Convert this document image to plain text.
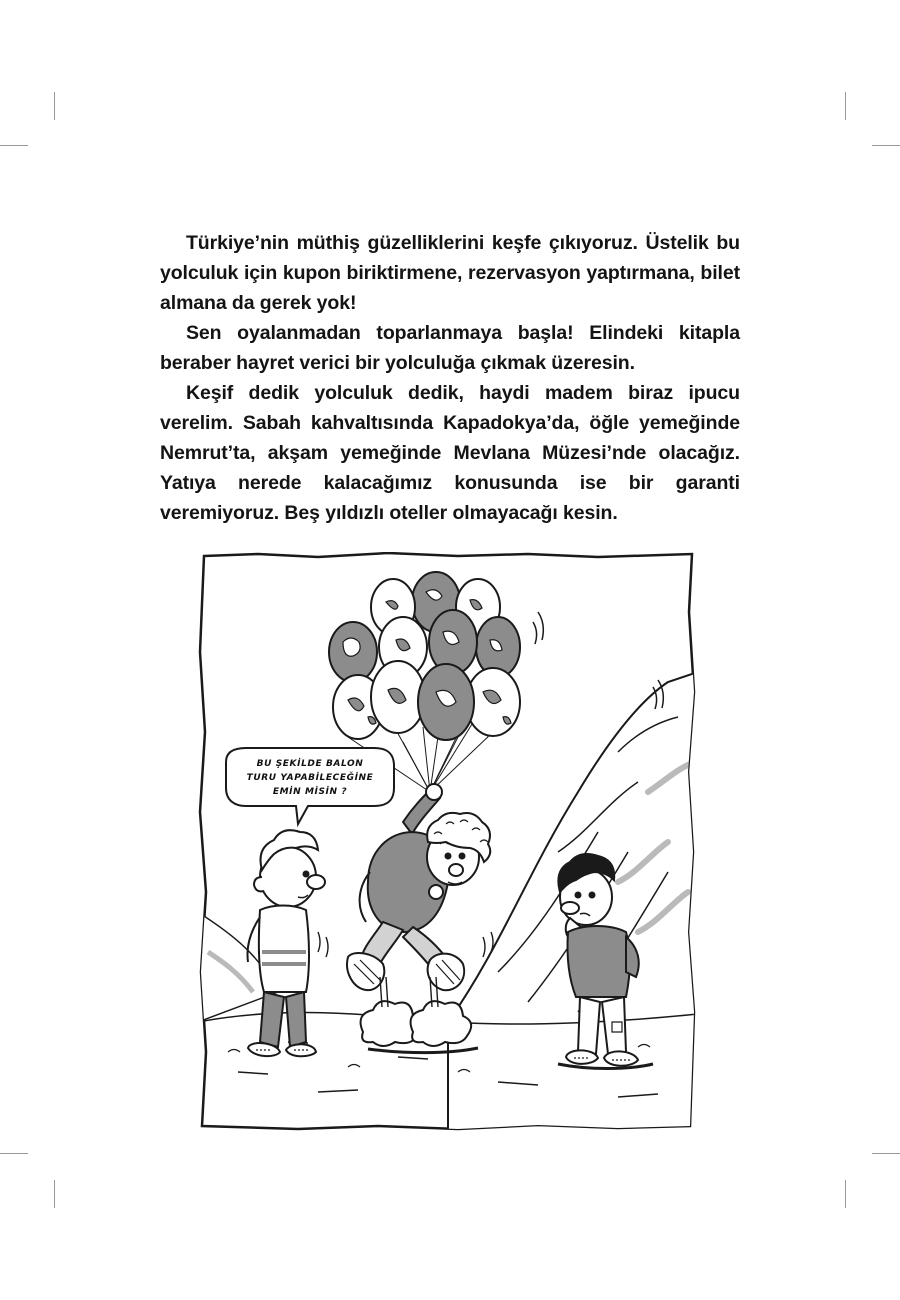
Türkiye’nin müthiş güzelliklerini keşfe çıkıyoruz. Üstelik bu yolculuk için kupon biriktirmene, rezervasyon yaptırmana, bilet almana da gerek yok!

Sen oyalanmadan toparlanmaya başla! Elindeki kitapla beraber hayret verici bir yolculuğa çıkmak üzeresin.

Keşif dedik yolculuk dedik, haydi madem biraz ipucu verelim. Sabah kahvaltısında Kapadokya’da, öğle yemeğinde Nemrut’ta, akşam yemeğinde Mevlana Müzesi’nde olacağız. Yatıya nerede kalacağımız konusunda ise bir garanti veremiyoruz. Beş yıldızlı oteller olmayacağı kesin.

BU ŞEKİLDE BALON
TURU YAPABİLECEĞİNE
EMİN MİSİN ?
